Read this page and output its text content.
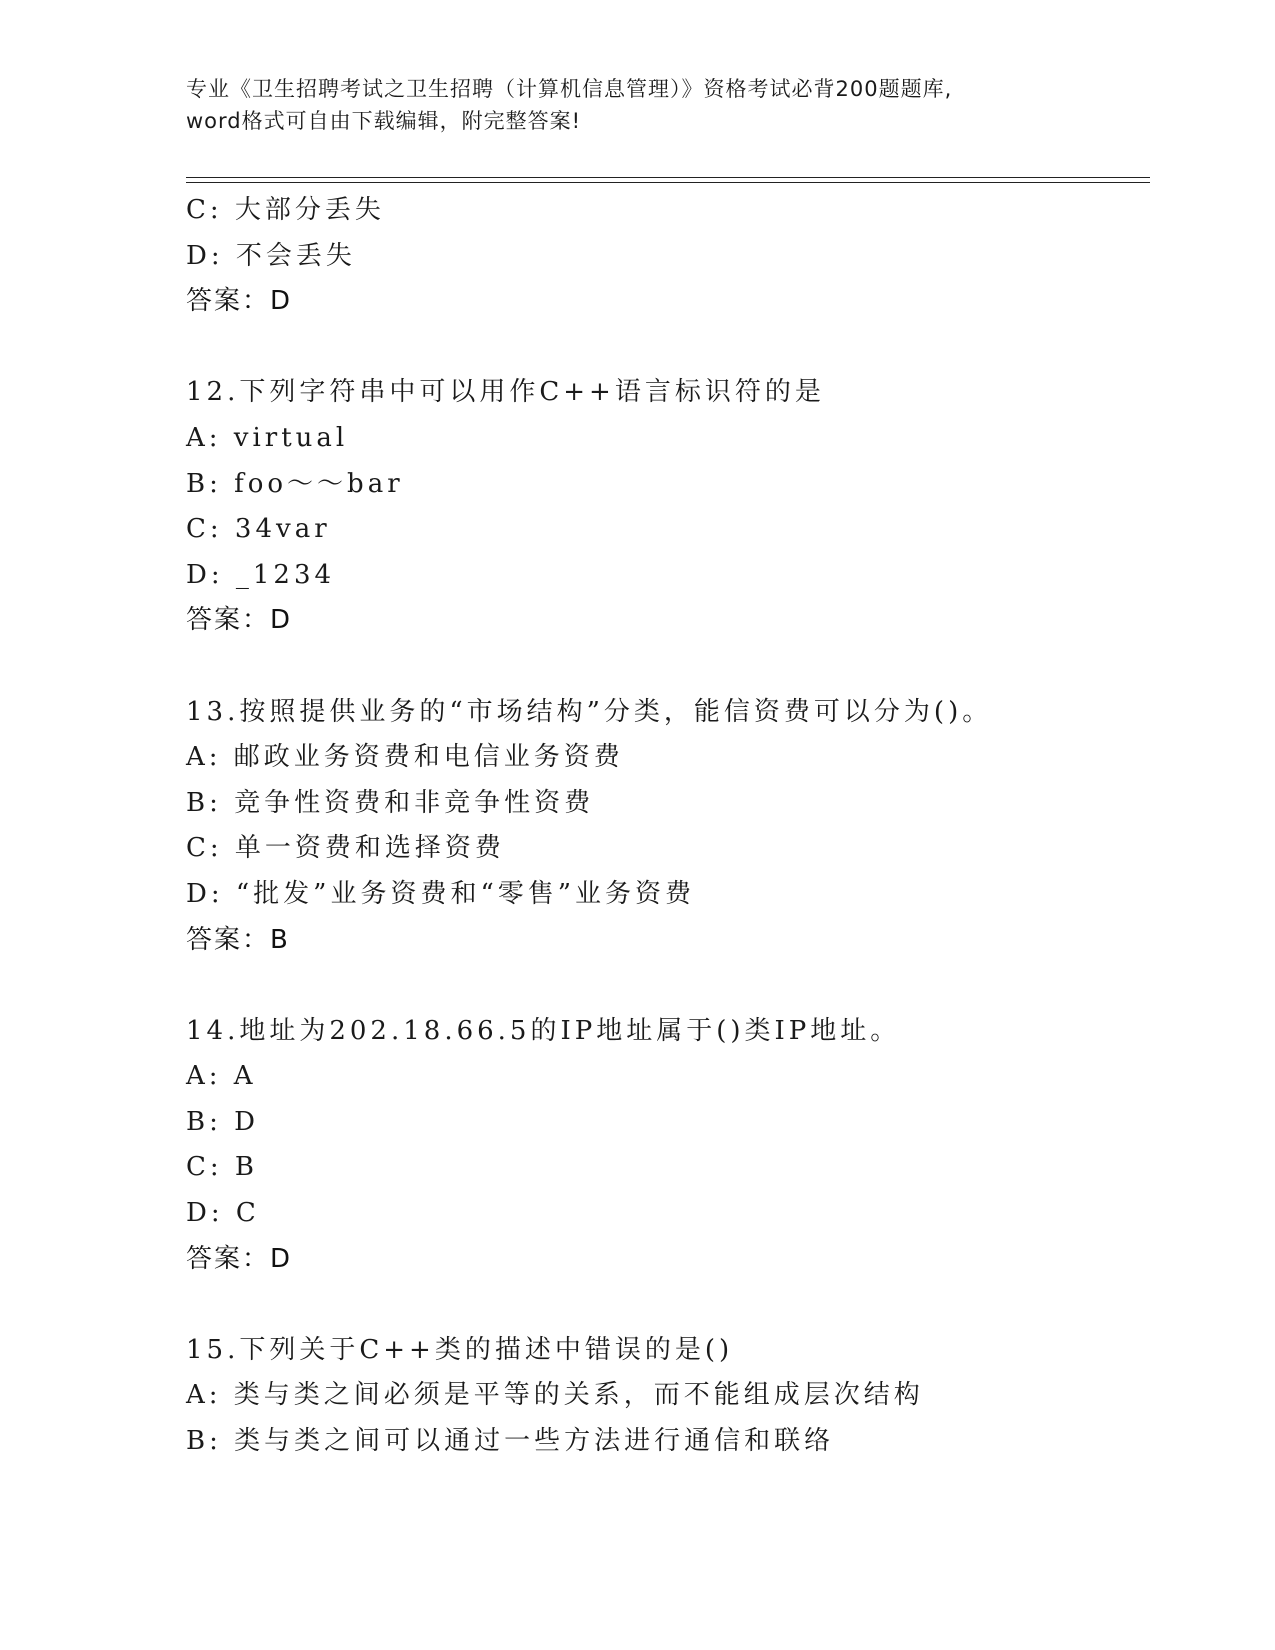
专业《卫生招聘考试之卫生招聘（计算机信息管理）》资格考试必背200题题库,
word格式可自由下载编辑，附完整答案!
C: 大部分丢失
D: 不会丢失
答案：D
12.下列字符串中可以用作C++语言标识符的是
A: virtual
B: foo～～bar
C: 34var
D: _1234
答案：D
13.按照提供业务的“市场结构”分类，能信资费可以分为()。
A: 邮政业务资费和电信业务资费
B: 竞争性资费和非竞争性资费
C: 单一资费和选择资费
D: “批发”业务资费和“零售”业务资费
答案：B
14.地址为202.18.66.5的IP地址属于()类IP地址。
A: A
B: D
C: B
D: C
答案：D
15.下列关于C++类的描述中错误的是()
A: 类与类之间必须是平等的关系，而不能组成层次结构
B: 类与类之间可以通过一些方法进行通信和联络
